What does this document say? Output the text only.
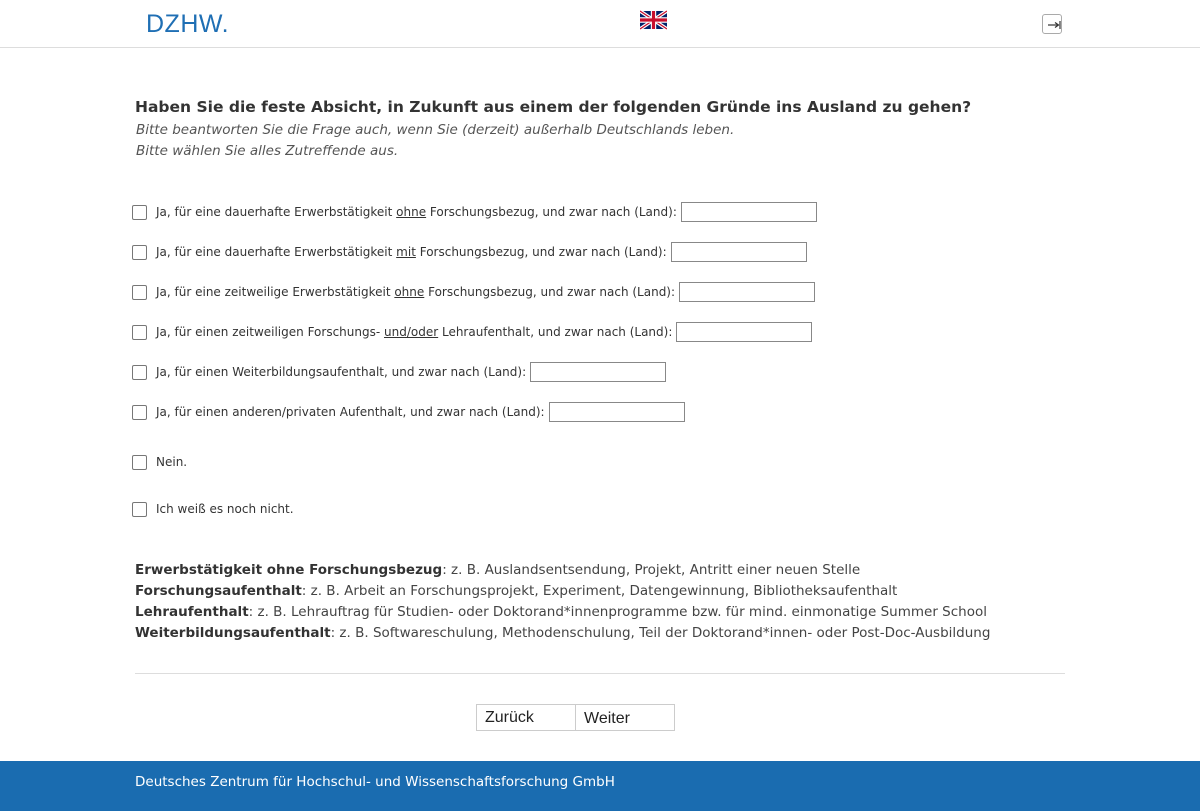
DZHW.
Haben Sie die feste Absicht, in Zukunft aus einem der folgenden Gründe ins Ausland zu gehen?
Bitte beantworten Sie die Frage auch, wenn Sie (derzeit) außerhalb Deutschlands leben.
Bitte wählen Sie alles Zutreffende aus.
Ja, für eine dauerhafte Erwerbstätigkeit ohne Forschungsbezug, und zwar nach (Land):
Ja, für eine dauerhafte Erwerbstätigkeit mit Forschungsbezug, und zwar nach (Land):
Ja, für eine zeitweilige Erwerbstätigkeit ohne Forschungsbezug, und zwar nach (Land):
Ja, für einen zeitweiligen Forschungs- und/oder Lehraufenthalt, und zwar nach (Land):
Ja, für einen Weiterbildungsaufenthalt, und zwar nach (Land):
Ja, für einen anderen/privaten Aufenthalt, und zwar nach (Land):
Nein.
Ich weiß es noch nicht.
Erwerbstätigkeit ohne Forschungsbezug: z. B. Auslandsentsendung, Projekt, Antritt einer neuen Stelle
Forschungsaufenthalt: z. B. Arbeit an Forschungsprojekt, Experiment, Datengewinnung, Bibliotheksaufenthalt
Lehraufenthalt: z. B. Lehrauftrag für Studien- oder Doktorand*innenprogramme bzw. für mind. einmonatige Summer School
Weiterbildungsaufenthalt: z. B. Softwareschulung, Methodenschulung, Teil der Doktorand*innen- oder Post-Doc-Ausbildung
Zurück	Weiter
Deutsches Zentrum für Hochschul- und Wissenschaftsforschung GmbH
